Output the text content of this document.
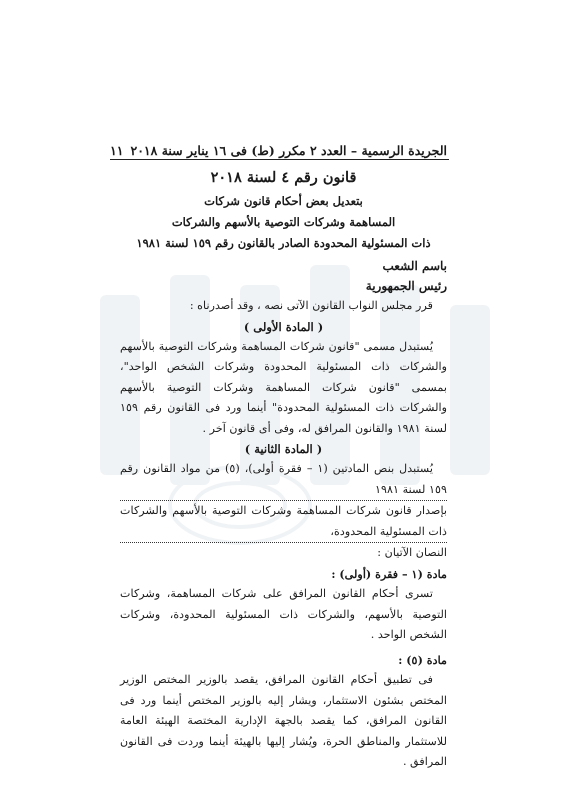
الجريدة الرسمية – العدد ٢ مكرر (ط) فى ١٦ يناير سنة ٢٠١٨
١١
قانون رقم ٤ لسنة ٢٠١٨
بتعديل بعض أحكام قانون شركات
المساهمة وشركات التوصية بالأسهم والشركات
ذات المسئولية المحدودة الصادر بالقانون رقم ١٥٩ لسنة ١٩٨١
باسم الشعب
رئيس الجمهورية
قرر مجلس النواب القانون الآتى نصه ، وقد أصدرناه :
( المادة الأولى )
يُستبدل مسمى "قانون شركات المساهمة وشركات التوصية بالأسهم والشركات ذات المسئولية المحدودة وشركات الشخص الواحد"، بمسمى "قانون شركات المساهمة وشركات التوصية بالأسهم والشركات ذات المسئولية المحدودة" أينما ورد فى القانون رقم ١٥٩ لسنة ١٩٨١ والقانون المرافق له، وفى أى قانون آخر .
( المادة الثانية )
يُستبدل بنص المادتين (١ – فقرة أولى)، (٥) من مواد القانون رقم ١٥٩ لسنة ١٩٨١
بإصدار قانون شركات المساهمة وشركات التوصية بالأسهم والشركات ذات المسئولية المحدودة،
النصان الآتيان :
مادة (١ – فقرة (أولى) :
تسرى أحكام القانون المرافق على شركات المساهمة، وشركات التوصية بالأسهم، والشركات ذات المسئولية المحدودة، وشركات الشخص الواحد .
مادة (٥) :
فى تطبيق أحكام القانون المرافق، يقصد بالوزير المختص الوزير المختص بشئون الاستثمار، ويشار إليه بالوزير المختص أينما ورد فى القانون المرافق، كما يقصد بالجهة الإدارية المختصة الهيئة العامة للاستثمار والمناطق الحرة، ويُشار إليها بالهيئة أينما وردت فى القانون المرافق .
